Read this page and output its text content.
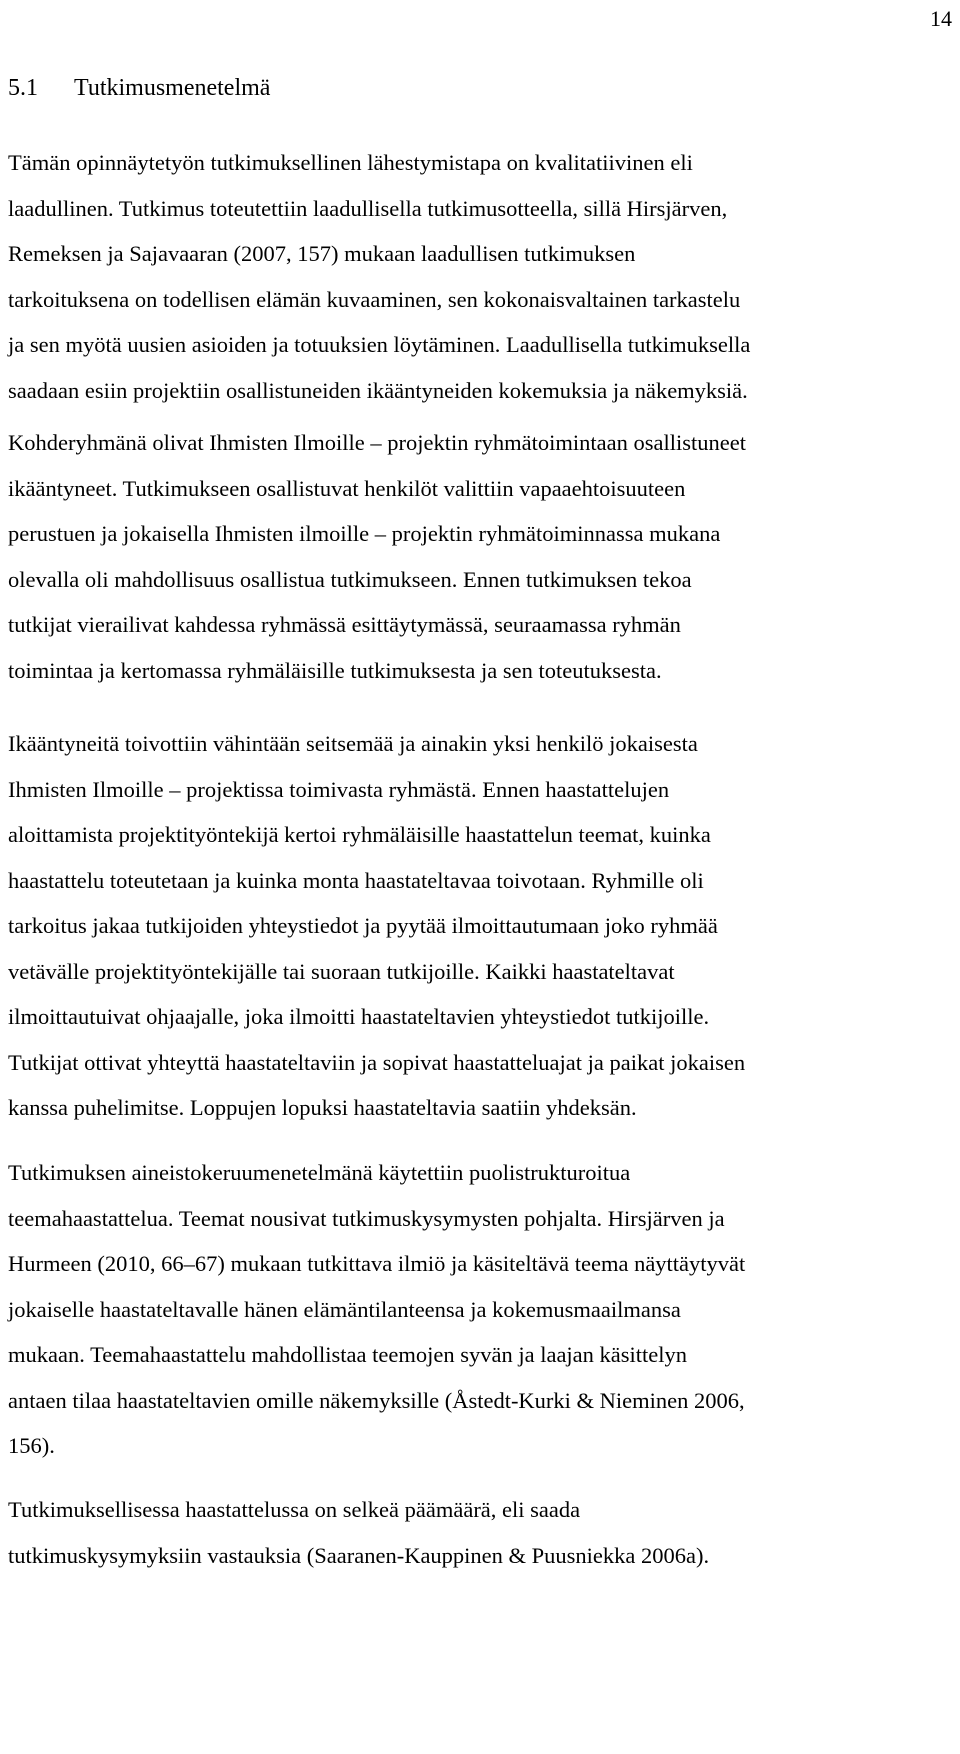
14
5.1	Tutkimusmenetelmä

Tämän opinnäytetyön tutkimuksellinen lähestymistapa on kvalitatiivinen eli
laadullinen. Tutkimus toteutettiin laadullisella tutkimusotteella, sillä Hirsjärven,
Remeksen ja Sajavaaran (2007, 157) mukaan laadullisen tutkimuksen
tarkoituksena on todellisen elämän kuvaaminen, sen kokonaisvaltainen tarkastelu
ja sen myötä uusien asioiden ja totuuksien löytäminen. Laadullisella tutkimuksella
saadaan esiin projektiin osallistuneiden ikääntyneiden kokemuksia ja näkemyksiä.

Kohderyhmänä olivat Ihmisten Ilmoille – projektin ryhmätoimintaan osallistuneet
ikääntyneet. Tutkimukseen osallistuvat henkilöt valittiin vapaaehtoisuuteen
perustuen ja jokaisella Ihmisten ilmoille – projektin ryhmätoiminnassa mukana
olevalla oli mahdollisuus osallistua tutkimukseen. Ennen tutkimuksen tekoa
tutkijat vierailivat kahdessa ryhmässä esittäytymässä, seuraamassa ryhmän
toimintaa ja kertomassa ryhmäläisille tutkimuksesta ja sen toteutuksesta.

Ikääntyneitä toivottiin vähintään seitsemää ja ainakin yksi henkilö jokaisesta
Ihmisten Ilmoille – projektissa toimivasta ryhmästä. Ennen haastattelujen
aloittamista projektityöntekijä kertoi ryhmäläisille haastattelun teemat, kuinka
haastattelu toteutetaan ja kuinka monta haastateltavaa toivotaan. Ryhmille oli
tarkoitus jakaa tutkijoiden yhteystiedot ja pyytää ilmoittautumaan joko ryhmää
vetävälle projektityöntekijälle tai suoraan tutkijoille. Kaikki haastateltavat
ilmoittautuivat ohjaajalle, joka ilmoitti haastateltavien yhteystiedot tutkijoille.
Tutkijat ottivat yhteyttä haastateltaviin ja sopivat haastatteluajat ja paikat jokaisen
kanssa puhelimitse. Loppujen lopuksi haastateltavia saatiin yhdeksän.

Tutkimuksen aineistokeruumenetelmänä käytettiin puolistrukturoitua
teemahaastattelua. Teemat nousivat tutkimuskysymysten pohjalta. Hirsjärven ja
Hurmeen (2010, 66–67) mukaan tutkittava ilmiö ja käsiteltävä teema näyttäytyvät
jokaiselle haastateltavalle hänen elämäntilanteensa ja kokemusmaailmansa
mukaan. Teemahaastattelu mahdollistaa teemojen syvän ja laajan käsittelyn
antaen tilaa haastateltavien omille näkemyksille (Åstedt-Kurki & Nieminen 2006,
156).

Tutkimuksellisessa haastattelussa on selkeä päämäärä, eli saada
tutkimuskysymyksiin vastauksia (Saaranen-Kauppinen & Puusniekka 2006a).
